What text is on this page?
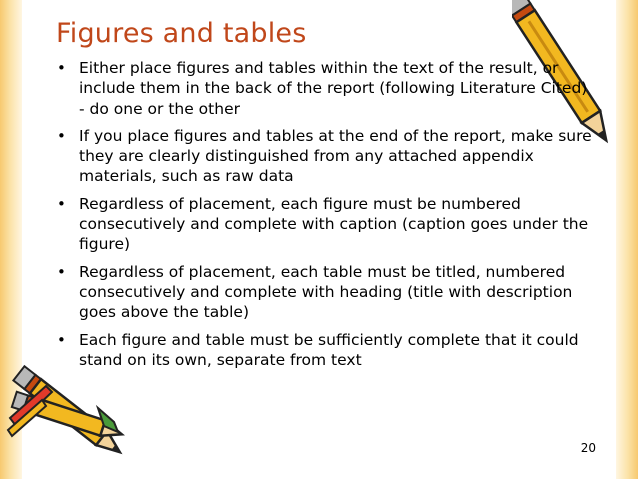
Figures and tables
• Either place figures and tables within the text of the result, or include them in the back of the report (following Literature Cited) - do one or the other
• If you place figures and tables at the end of the report, make sure they are clearly distinguished from any attached appendix materials, such as raw data
• Regardless of placement, each figure must be numbered consecutively and complete with caption (caption goes under the figure)
• Regardless of placement, each table must be titled, numbered consecutively and complete with heading (title with description goes above the table)
• Each figure and table must be sufficiently complete that it could stand on its own, separate from text
20
